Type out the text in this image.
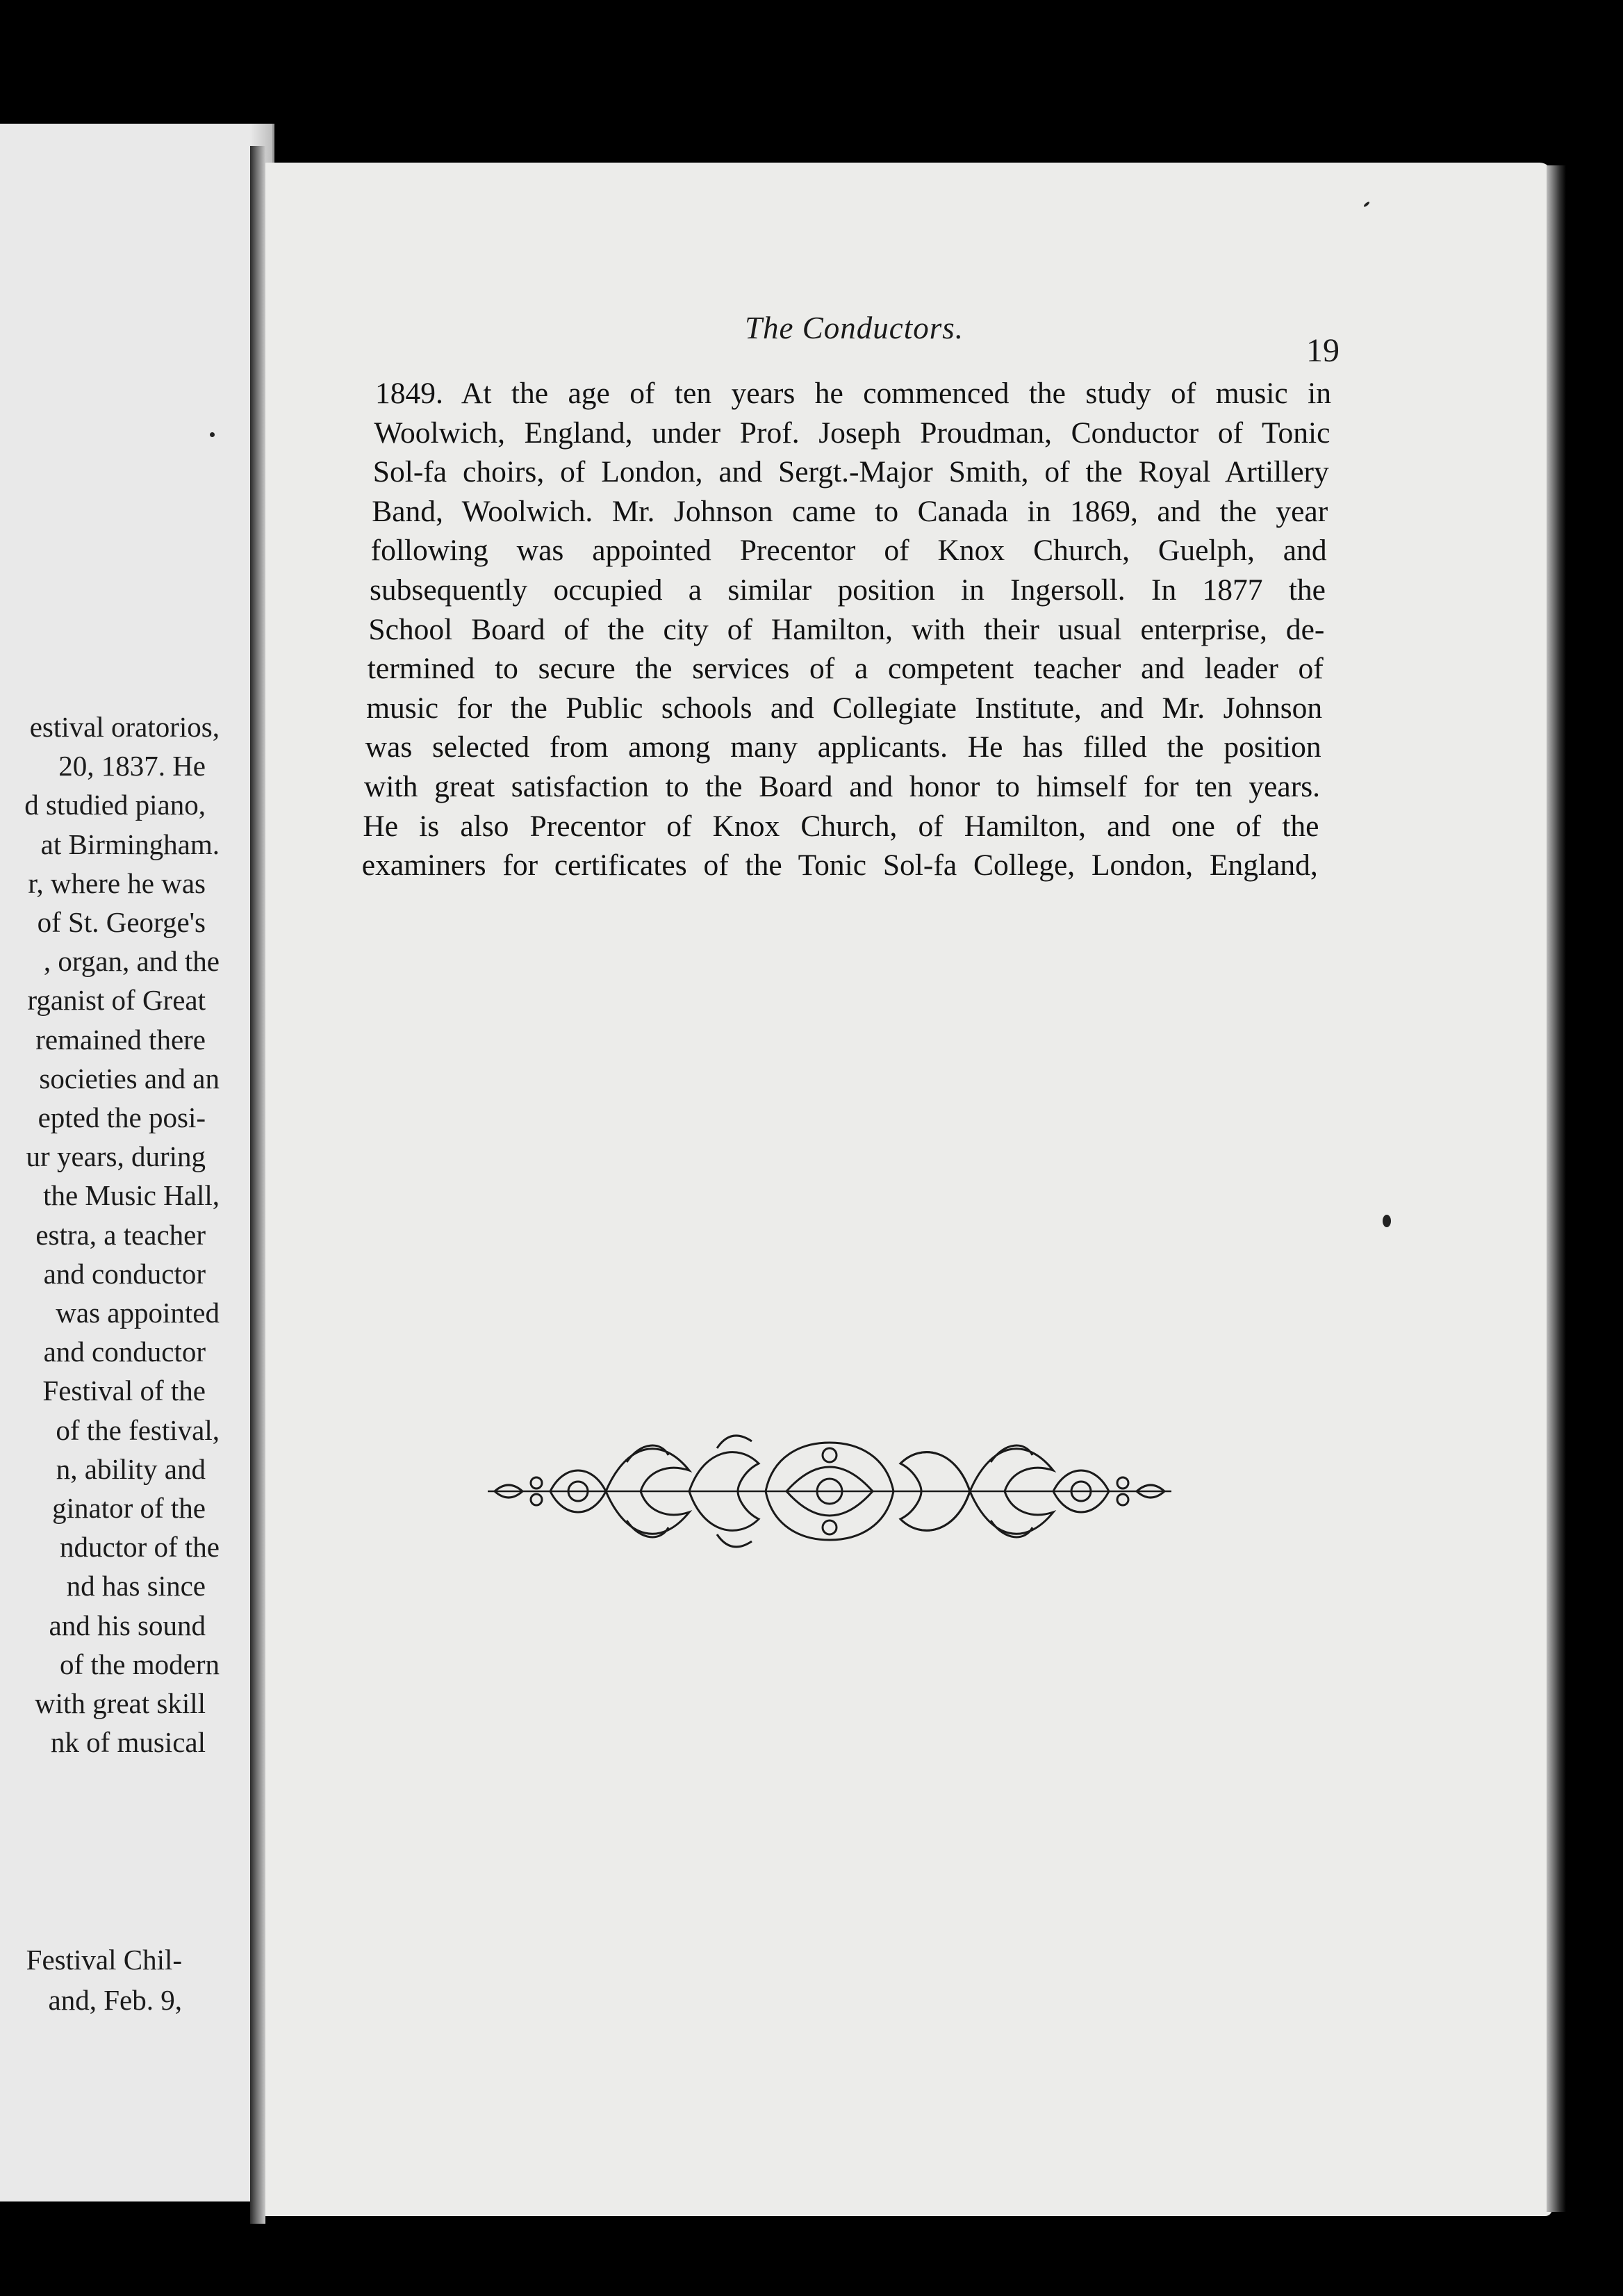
estival oratorios,
20, 1837. He
d studied piano,
at Birmingham.
r, where he was
of St. George's
, organ, and the
rganist of Great
remained there
societies and an
epted the posi-
ur years, during
the Music Hall,
estra, a teacher
and conductor
was appointed
and conductor
Festival of the
of the festival,
n, ability and
ginator of the
nductor of the
nd has since
and his sound
of the modern
with great skill
nk of musical
Festival Chil-
and, Feb. 9,
The Conductors.
19
1849. At the age of ten years he commenced the study of music in
Woolwich, England, under Prof. Joseph Proudman, Conductor of Tonic
Sol-fa choirs, of London, and Sergt.-Major Smith, of the Royal Artillery
Band, Woolwich. Mr. Johnson came to Canada in 1869, and the year
following was appointed Precentor of Knox Church, Guelph, and
subsequently occupied a similar position in Ingersoll. In 1877 the
School Board of the city of Hamilton, with their usual enterprise, de-
termined to secure the services of a competent teacher and leader of
music for the Public schools and Collegiate Institute, and Mr. Johnson
was selected from among many applicants. He has filled the position
with great satisfaction to the Board and honor to himself for ten years.
He is also Precentor of Knox Church, of Hamilton, and one of the
examiners for certificates of the Tonic Sol-fa College, London, England,
